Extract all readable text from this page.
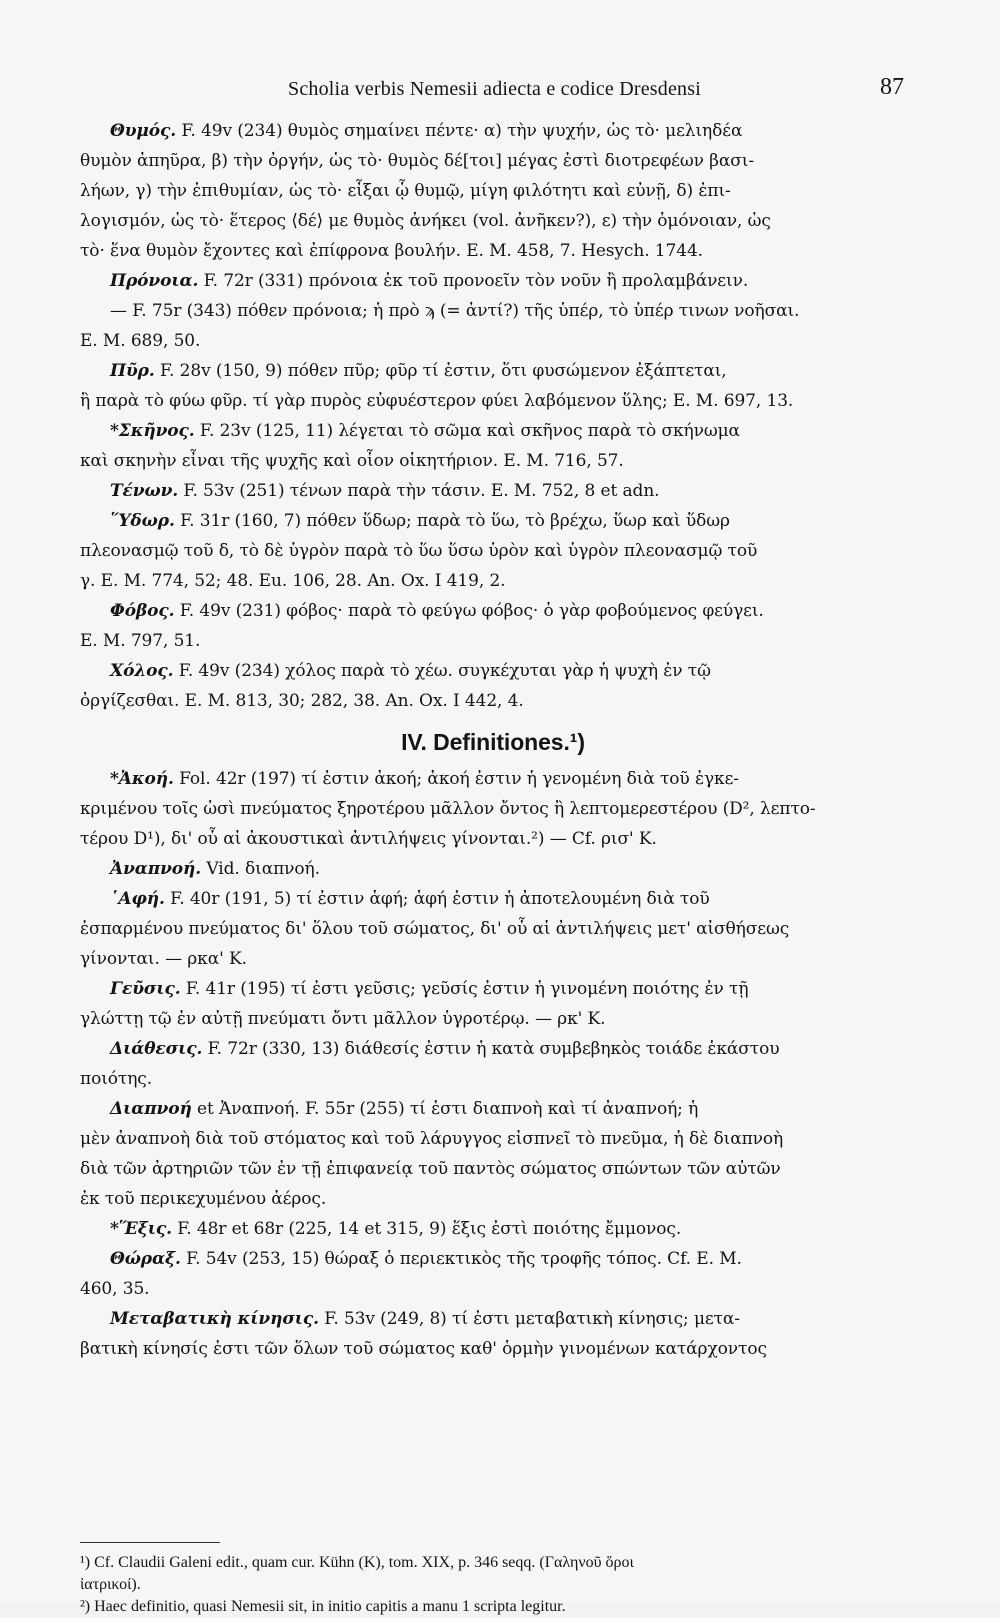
Scholia verbis Nemesii adiecta e codice Dresdensi	87
Θυμός. F. 49v (234) θυμὸς σημαίνει πέντε· α) τὴν ψυχήν, ὡς τὸ· μελιηδέα
θυμὸν ἀπηῦρα, β) τὴν ὀργήν, ὡς τὸ· θυμὸς δέ[τοι] μέγας ἐστὶ διοτρεφέων βασι-
λήων, γ) τὴν ἐπιθυμίαν, ὡς τὸ· εἶξαι ᾧ θυμῷ, μίγη φιλότητι καὶ εὐνῇ, δ) ἐπι-
λογισμόν, ὡς τὸ· ἕτερος ⟨δέ⟩ με θυμὸς ἀνήκει (vol. ἀνῆκεν?), ε) τὴν ὁμόνοιαν, ὡς
τὸ· ἕνα θυμὸν ἔχοντες καὶ ἐπίφρονα βουλήν. E. M. 458, 7. Hesych. 1744.
Πρόνοια. F. 72r (331) πρόνοια ἐκ τοῦ προνοεῖν τὸν νοῦν ἢ προλαμβάνειν.
— F. 75r (343) πόθεν πρόνοια; ἡ πρὸ ϡ (= ἀντί?) τῆς ὑπέρ, τὸ ὑπέρ τινων νοῆσαι.
E. M. 689, 50.
Πῦρ. F. 28v (150, 9) πόθεν πῦρ; φῦρ τί ἐστιν, ὅτι φυσώμενον ἐξάπτεται,
ἢ παρὰ τὸ φύω φῦρ. τί γὰρ πυρὸς εὐφυέστερον φύει λαβόμενον ὕλης; E. M. 697, 13.
*Σκῆνος. F. 23v (125, 11) λέγεται τὸ σῶμα καὶ σκῆνος παρὰ τὸ σκήνωμα
καὶ σκηνὴν εἶναι τῆς ψυχῆς καὶ οἷον οἰκητήριον. E. M. 716, 57.
Τένων. F. 53v (251) τένων παρὰ τὴν τάσιν. E. M. 752, 8 et adn.
῞Υδωρ. F. 31r (160, 7) πόθεν ὕδωρ; παρὰ τὸ ὕω, τὸ βρέχω, ὕωρ καὶ ὕδωρ
πλεονασμῷ τοῦ δ, τὸ δὲ ὑγρὸν παρὰ τὸ ὕω ὕσω ὑρὸν καὶ ὑγρὸν πλεονασμῷ τοῦ
γ. E. M. 774, 52; 48. Eu. 106, 28. An. Ox. I 419, 2.
Φόβος. F. 49v (231) φόβος· παρὰ τὸ φεύγω φόβος· ὁ γὰρ φοβούμενος φεύγει.
E. M. 797, 51.
Χόλος. F. 49v (234) χόλος παρὰ τὸ χέω. συγκέχυται γὰρ ἡ ψυχὴ ἐν τῷ
ὀργίζεσθαι. E. M. 813, 30; 282, 38. An. Ox. I 442, 4.
IV. Definitiones.¹)
*Ἀκοή. Fol. 42r (197) τί ἐστιν ἀκοή; ἀκοή ἐστιν ἡ γενομένη διὰ τοῦ ἐγκε-
κριμένου τοῖς ὠσὶ πνεύματος ξηροτέρου μᾶλλον ὄντος ἢ λεπτομερεστέρου (D², λεπτο-
τέρου D¹), δι' οὗ αἱ ἀκουστικαὶ ἀντιλήψεις γίνονται.²) — Cf. ρισ' K.
Ἀναπνοή. Vid. διαπνοή.
῾Αφή. F. 40r (191, 5) τί ἐστιν ἁφή; ἁφή ἐστιν ἡ ἀποτελουμένη διὰ τοῦ
ἐσπαρμένου πνεύματος δι' ὅλου τοῦ σώματος, δι' οὗ αἱ ἀντιλήψεις μετ' αἰσθήσεως
γίνονται. — ρκα' K.
Γεῦσις. F. 41r (195) τί ἐστι γεῦσις; γεῦσίς ἐστιν ἡ γινομένη ποιότης ἐν τῇ
γλώττῃ τῷ ἐν αὐτῇ πνεύματι ὄντι μᾶλλον ὑγροτέρῳ. — ρκ' K.
Διάθεσις. F. 72r (330, 13) διάθεσίς ἐστιν ἡ κατὰ συμβεβηκὸς τοιάδε ἑκάστου
ποιότης.
Διαπνοή et Ἀναπνοή. F. 55r (255) τί ἐστι διαπνοὴ καὶ τί ἀναπνοή; ἡ
μὲν ἀναπνοὴ διὰ τοῦ στόματος καὶ τοῦ λάρυγγος εἰσπνεῖ τὸ πνεῦμα, ἡ δὲ διαπνοὴ
διὰ τῶν ἀρτηριῶν τῶν ἐν τῇ ἐπιφανείᾳ τοῦ παντὸς σώματος σπώντων τῶν αὐτῶν
ἐκ τοῦ περικεχυμένου ἀέρος.
*Ἕξις. F. 48r et 68r (225, 14 et 315, 9) ἕξις ἐστὶ ποιότης ἔμμονος.
Θώραξ. F. 54v (253, 15) θώραξ ὁ περιεκτικὸς τῆς τροφῆς τόπος. Cf. E. M.
460, 35.
Μεταβατικὴ κίνησις. F. 53v (249, 8) τί ἐστι μεταβατικὴ κίνησις; μετα-
βατικὴ κίνησίς ἐστι τῶν ὅλων τοῦ σώματος καθ' ὁρμὴν γινομένων κατάρχοντος
¹) Cf. Claudii Galeni edit., quam cur. Kühn (K), tom. XIX, p. 346 seqq. (Γαληνοῦ ὅροι
ἰατρικοί).
²) Haec definitio, quasi Nemesii sit, in initio capitis a manu 1 scripta legitur.
